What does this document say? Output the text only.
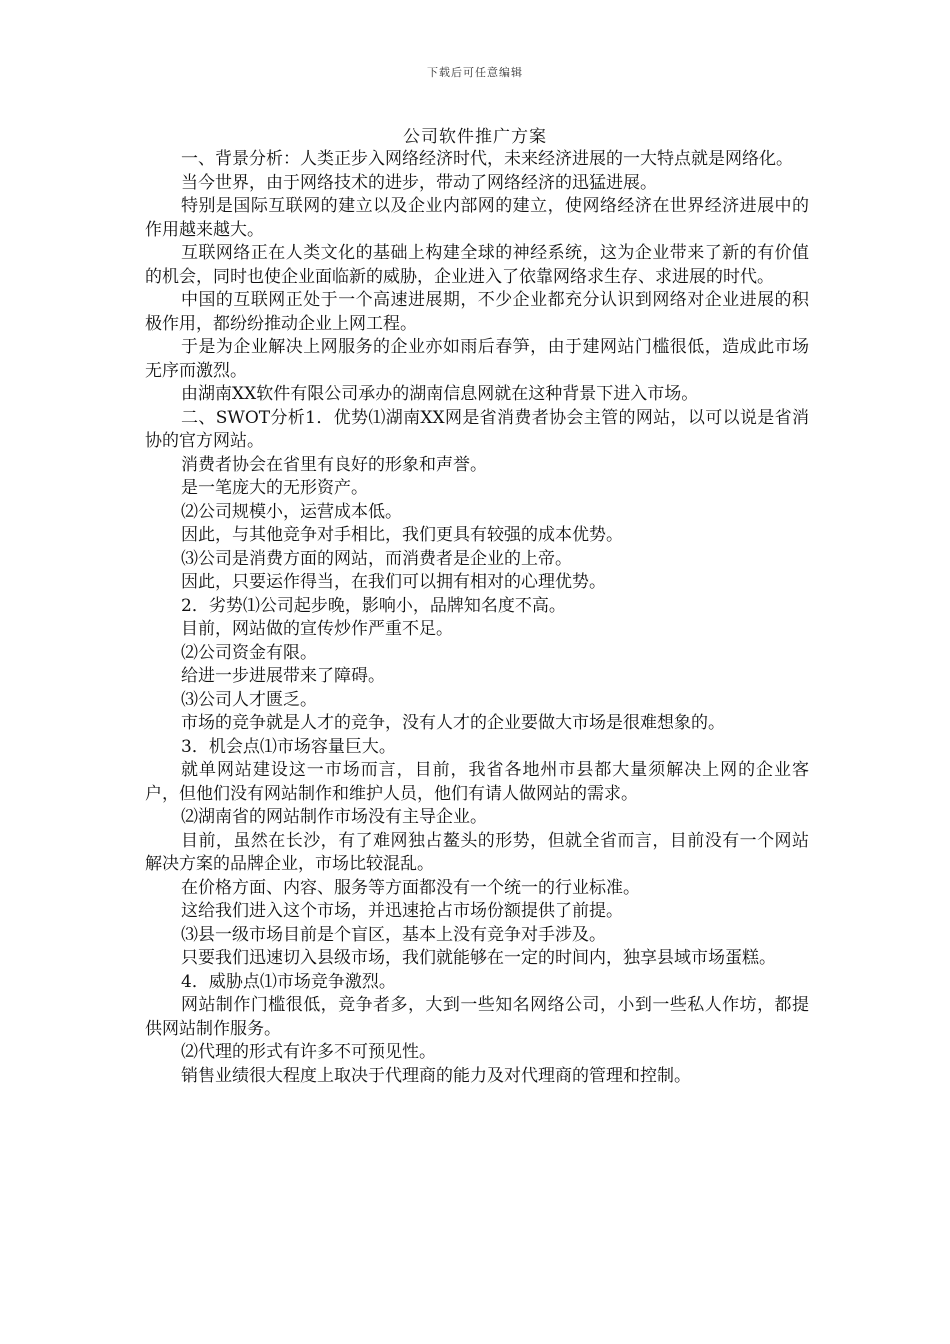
下载后可任意编辑
公司软件推广方案

一、背景分析：人类正步入网络经济时代，未来经济进展的一大特点就是网络化。

当今世界，由于网络技术的进步，带动了网络经济的迅猛进展。

特别是国际互联网的建立以及企业内部网的建立，使网络经济在世界经济进展中的作用越来越大。

互联网络正在人类文化的基础上构建全球的神经系统，这为企业带来了新的有价值的机会，同时也使企业面临新的威胁，企业进入了依靠网络求生存、求进展的时代。

中国的互联网正处于一个高速进展期，不少企业都充分认识到网络对企业进展的积极作用，都纷纷推动企业上网工程。

于是为企业解决上网服务的企业亦如雨后春笋，由于建网站门槛很低，造成此市场无序而激烈。

由湖南XX软件有限公司承办的湖南信息网就在这种背景下进入市场。

二、SWOT分析1．优势⑴湖南XX网是省消费者协会主管的网站，以可以说是省消协的官方网站。

消费者协会在省里有良好的形象和声誉。

是一笔庞大的无形资产。

⑵公司规模小，运营成本低。

因此，与其他竞争对手相比，我们更具有较强的成本优势。

⑶公司是消费方面的网站，而消费者是企业的上帝。

因此，只要运作得当，在我们可以拥有相对的心理优势。

2．劣势⑴公司起步晚，影响小，品牌知名度不高。

目前，网站做的宣传炒作严重不足。

⑵公司资金有限。

给进一步进展带来了障碍。

⑶公司人才匮乏。

市场的竞争就是人才的竞争，没有人才的企业要做大市场是很难想象的。

3．机会点⑴市场容量巨大。

就单网站建设这一市场而言，目前，我省各地州市县都大量须解决上网的企业客户，但他们没有网站制作和维护人员，他们有请人做网站的需求。

⑵湖南省的网站制作市场没有主导企业。

目前，虽然在长沙，有了难网独占鳌头的形势，但就全省而言，目前没有一个网站解决方案的品牌企业，市场比较混乱。

在价格方面、内容、服务等方面都没有一个统一的行业标准。

这给我们进入这个市场，并迅速抢占市场份额提供了前提。

⑶县一级市场目前是个盲区，基本上没有竞争对手涉及。

只要我们迅速切入县级市场，我们就能够在一定的时间内，独享县域市场蛋糕。

4．威胁点⑴市场竞争激烈。

网站制作门槛很低，竞争者多，大到一些知名网络公司，小到一些私人作坊，都提供网站制作服务。

⑵代理的形式有许多不可预见性。

销售业绩很大程度上取决于代理商的能力及对代理商的管理和控制。
